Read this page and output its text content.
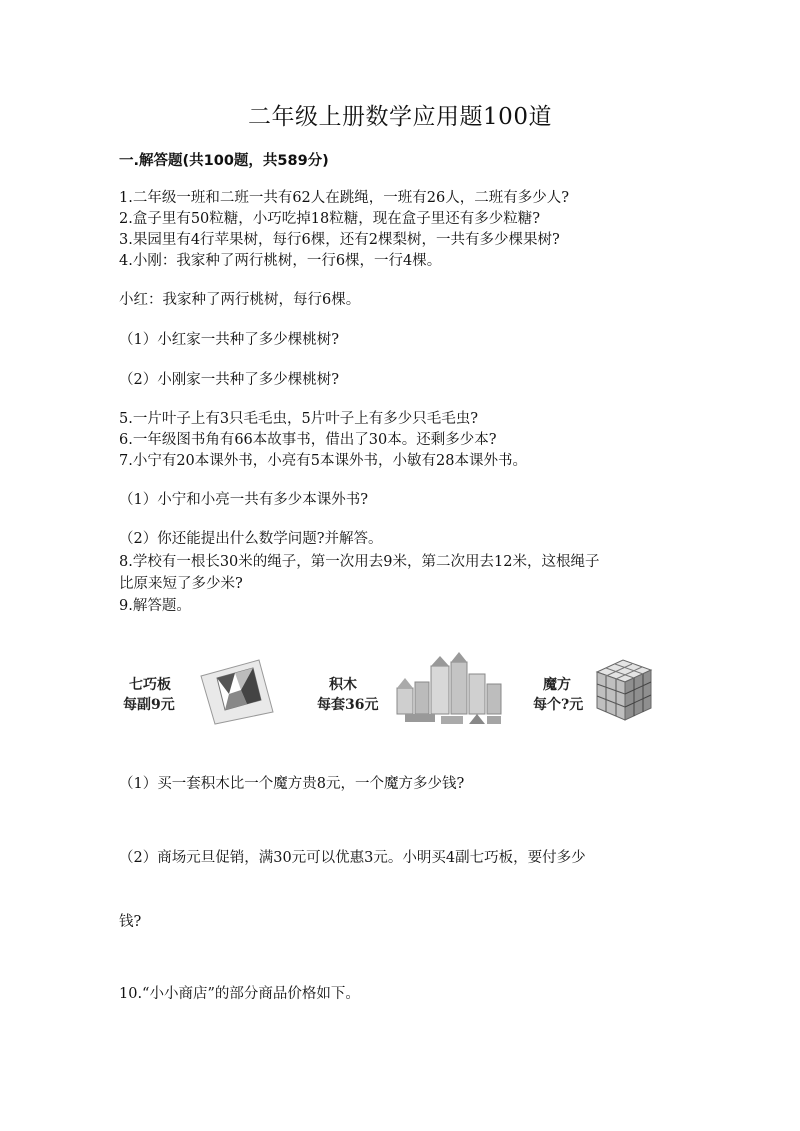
二年级上册数学应用题100道
一.解答题(共100题，共589分)
1.二年级一班和二班一共有62人在跳绳，一班有26人，二班有多少人?
2.盒子里有50粒糖，小巧吃掉18粒糖，现在盒子里还有多少粒糖?
3.果园里有4行苹果树，每行6棵，还有2棵梨树，一共有多少棵果树?
4.小刚：我家种了两行桃树，一行6棵，一行4棵。
小红：我家种了两行桃树，每行6棵。
（1）小红家一共种了多少棵桃树?
（2）小刚家一共种了多少棵桃树?
5.一片叶子上有3只毛毛虫，5片叶子上有多少只毛毛虫?
6.一年级图书角有66本故事书，借出了30本。还剩多少本?
7.小宁有20本课外书，小亮有5本课外书，小敏有28本课外书。
（1）小宁和小亮一共有多少本课外书?
（2）你还能提出什么数学问题?并解答。
8.学校有一根长30米的绳子，第一次用去9米，第二次用去12米，这根绳子
比原来短了多少米?
9.解答题。
七巧板
每副9元
积木
每套36元
魔方
每个?元
（1）买一套积木比一个魔方贵8元，一个魔方多少钱?
（2）商场元旦促销，满30元可以优惠3元。小明买4副七巧板，要付多少
钱?
10.“小小商店”的部分商品价格如下。
